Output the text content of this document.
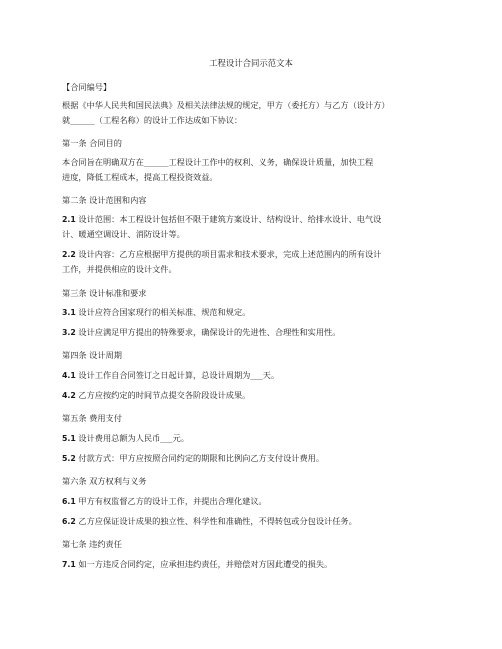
工程设计合同示范文本
【合同编号】
根据《中华人民共和国民法典》及相关法律法规的规定，甲方（委托方）与乙方（设计方）
就______（工程名称）的设计工作达成如下协议：
第一条 合同目的
本合同旨在明确双方在______工程设计工作中的权利、义务，确保设计质量，加快工程
进度，降低工程成本，提高工程投资效益。
第二条 设计范围和内容
2.1 设计范围：本工程设计包括但不限于建筑方案设计、结构设计、给排水设计、电气设
计、暖通空调设计、消防设计等。
2.2 设计内容：乙方应根据甲方提供的项目需求和技术要求，完成上述范围内的所有设计
工作，并提供相应的设计文件。
第三条 设计标准和要求
3.1 设计应符合国家现行的相关标准、规范和规定。
3.2 设计应满足甲方提出的特殊要求，确保设计的先进性、合理性和实用性。
第四条 设计周期
4.1 设计工作自合同签订之日起计算，总设计周期为___天。
4.2 乙方应按约定的时间节点提交各阶段设计成果。
第五条 费用支付
5.1 设计费用总额为人民币___元。
5.2 付款方式：甲方应按照合同约定的期限和比例向乙方支付设计费用。
第六条 双方权利与义务
6.1 甲方有权监督乙方的设计工作，并提出合理化建议。
6.2 乙方应保证设计成果的独立性、科学性和准确性，不得转包或分包设计任务。
第七条 违约责任
7.1 如一方违反合同约定，应承担违约责任，并赔偿对方因此遭受的损失。
